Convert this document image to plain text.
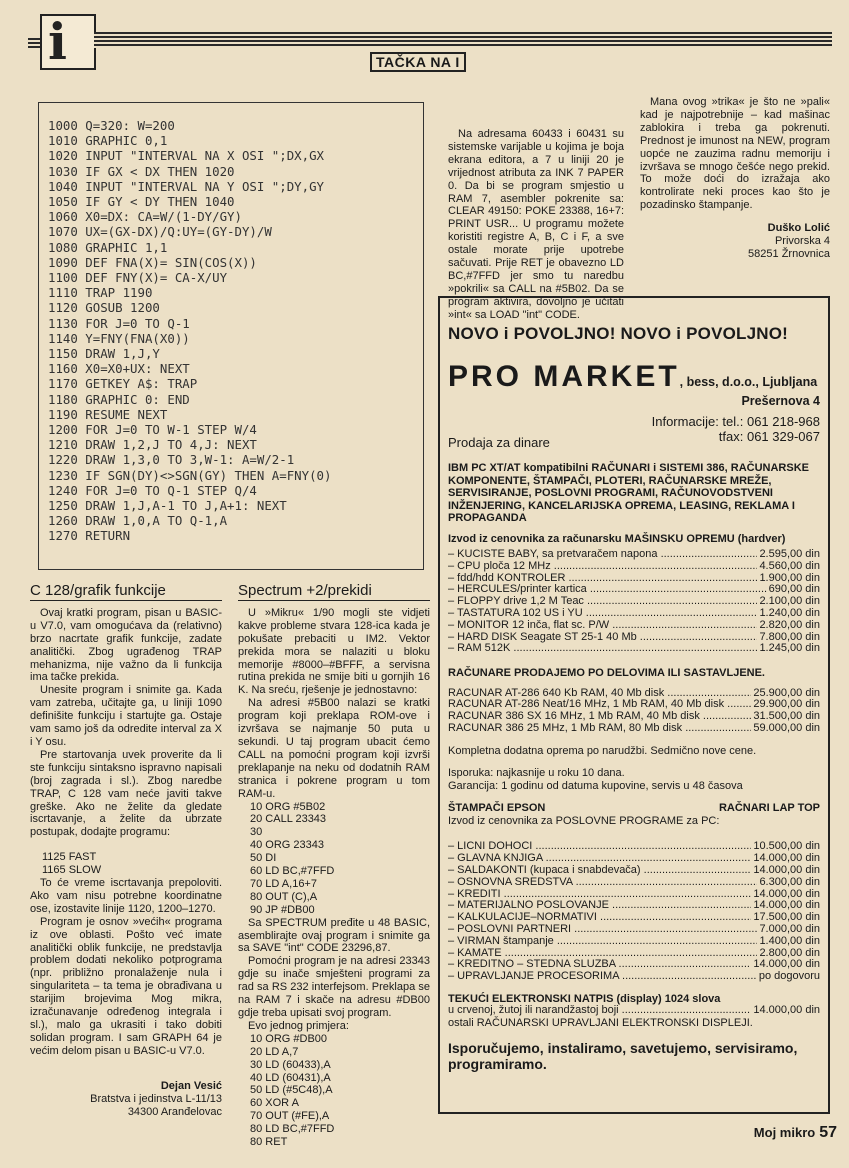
i	TAČKA NA I
1000 Q=320: W=200
1010 GRAPHIC 0,1
1020 INPUT "INTERVAL NA X OSI ";DX,GX
1030 IF GX < DX THEN 1020
1040 INPUT "INTERVAL NA Y OSI ";DY,GY
1050 IF GY < DY THEN 1040
1060 X0=DX: CA=W/(1-DY/GY)
1070 UX=(GX-DX)/Q:UY=(GY-DY)/W
1080 GRAPHIC 1,1
1090 DEF FNA(X)= SIN(COS(X))
1100 DEF FNY(X)= CA-X/UY
1110 TRAP 1190
1120 GOSUB 1200
1130 FOR J=0 TO Q-1
1140 Y=FNY(FNA(X0))
1150 DRAW 1,J,Y
1160 X0=X0+UX: NEXT
1170 GETKEY A$: TRAP
1180 GRAPHIC 0: END
1190 RESUME NEXT
1200 FOR J=0 TO W-1 STEP W/4
1210 DRAW 1,2,J TO 4,J: NEXT
1220 DRAW 1,3,0 TO 3,W-1: A=W/2-1
1230 IF SGN(DY)<>SGN(GY) THEN A=FNY(0)
1240 FOR J=0 TO Q-1 STEP Q/4
1250 DRAW 1,J,A-1 TO J,A+1: NEXT
1260 DRAW 1,0,A TO Q-1,A
1270 RETURN
C 128/grafik funkcije

Ovaj kratki program, pisan u BASIC-u V7.0, vam omogućava da (relativno) brzo nacrtate grafik funkcije, zadate analitički. Zbog ugrađenog TRAP mehanizma, nije važno da li funkcija ima tačke prekida.

Unesite program i snimite ga. Kada vam zatreba, učitajte ga, u liniji 1090 definišite funkciju i startujte ga. Ostaje vam samo još da odredite interval za X i Y osu.

Pre startovanja uvek proverite da li ste funkciju sintaksno ispravno napisali (broj zagrada i sl.). Zbog naredbe TRAP, C 128 vam neće javiti takve greške. Ako ne želite da gledate iscrtavanje, a želite da ubrzate postupak, dodajte programu:

1125 FAST

1165 SLOW

To će vreme iscrtavanja prepoloviti. Ako vam nisu potrebne koordinatne ose, izostavite linije 1120, 1200–1270.

Program je osnov »većih« programa iz ove oblasti. Pošto već imate analitički oblik funkcije, ne predstavlja problem dodati nekoliko potprograma (npr. približno pronalaženje nula i singulariteta – ta tema je obrađivana u starijim brojevima Mog mikra, izračunavanje određenog integrala i sl.), malo ga ukrasiti i tako dobiti solidan program. I sam GRAPH 64 je većim delom pisan u BASIC-u V7.0.

Dejan Vesić
Bratstva i jedinstva L-11/13
34300 Aranđelovac
Spectrum +2/prekidi

U »Mikru« 1/90 mogli ste vidjeti kakve probleme stvara 128-ica kada je pokušate prebaciti u IM2. Vektor prekida mora se nalaziti u bloku memorije #8000–#BFFF, a servisna rutina prekida ne smije biti u gornjih 16 K. Na sreću, rješenje je jednostavno:

Na adresi #5B00 nalazi se kratki program koji preklapa ROM-ove i izvršava se najmanje 50 puta u sekundi. U taj program ubacit ćemo CALL na pomoćni program koji izvrši preklapanje na neku od dodatnih RAM stranica i pokrene program u tom RAM-u.

10 ORG #5B02

20 CALL 23343

30

40 ORG 23343

50 DI

60 LD BC,#7FFD

70 LD A,16+7

80 OUT (C),A

90 JP #DB00

Sa SPECTRUM pređite u 48 BASIC, asemblirajte ovaj program i snimite ga sa SAVE "int" CODE 23296,87.

Pomoćni program je na adresi 23343 gdje su inače smješteni programi za rad sa RS 232 interfejsom. Preklapa se na RAM 7 i skače na adresu #DB00 gdje treba upisati svoj program.

Evo jednog primjera:

10 ORG #DB00

20 LD A,7

30 LD (60433),A

40 LD (60431),A

50 LD (#5C48),A

60 XOR A

70 OUT (#FE),A

80 LD BC,#7FFD

80 RET

Na adresama 60433 i 60431 su sistemske varijable u kojima je boja ekrana editora, a 7 u liniji 20 je vrijednost atributa za INK 7 PAPER 0. Da bi se program smjestio u RAM 7, asembler pokrenite sa: CLEAR 49150: POKE 23388, 16+7: PRINT USR... U programu možete koristiti registre A, B, C i F, a sve ostale morate prije upotrebe sačuvati. Prije RET je obavezno LD BC,#7FFD jer smo tu naredbu »pokrili« sa CALL na #5B02. Da se program aktivira, dovoljno je učitati »int« sa LOAD "int" CODE.

Mana ovog »trika« je što ne »pali« kad je najpotrebnije – kad mašinac zablokira i treba ga pokrenuti. Prednost je imunost na NEW, program uopće ne zauzima radnu memoriju i izvršava se mnogo češće nego prekid. To može doći do izražaja ako kontrolirate neki proces kao što je pozadinsko štampanje.

Duško Lolić
Privorska 4
58251 Žrnovnica
NOVO i POVOLJNO! NOVO i POVOLJNO!
PRO MARKET, bess, d.o.o., Ljubljana
Prešernova 4
Informacije: tel.: 061 218-968
Prodaja za dinare	tfax: 061 329-067
IBM PC XT/AT kompatibilni RAČUNARI i SISTEMI 386, RAČUNARSKE KOMPONENTE, ŠTAMPAČI, PLOTERI, RAČUNARSKE MREŽE, SERVISIRANJE, POSLOVNI PROGRAMI, RAČUNOVODSTVENI INŽENJERING, KANCELARIJSKA OPREMA, LEASING, REKLAMA I PROPAGANDA
Izvod iz cenovnika za računarsku MAŠINSKU OPREMU (hardver)
– KUĆIŠTE BABY, sa pretvaračem napona .....	2.595,00 din
– CPU ploča 12 MHz .....	4.560,00 din
– fdd/hdd KONTROLER .....	1.900,00 din
– HERCULES/printer kartica .....	690,00 din
– FLOPPY drive 1,2 M Teac .....	2.100,00 din
– TASTATURA 102 US i YU .....	1.240,00 din
– MONITOR 12 inča, flat sc. P/W .....	2.820,00 din
– HARD DISK Seagate ST 25-1 40 Mb .....	7.800,00 din
– RAM 512K .....	1.245,00 din
RAČUNARE PRODAJEMO PO DELOVIMA ILI SASTAVLJENE.
RAČUNAR AT-286 640 Kb RAM, 40 Mb disk .....	25.900,00 din
RAČUNAR AT-286 Neat/16 MHz, 1 Mb RAM, 40 Mb disk .....	29.900,00 din
RAČUNAR 386 SX 16 MHz, 1 Mb RAM, 40 Mb disk .....	31.500,00 din
RAČUNAR 386 25 MHz, 1 Mb RAM, 80 Mb disk .....	59.000,00 din
Kompletna dodatna oprema po narudžbi. Sedmično nove cene.
Isporuka: najkasnije u roku 10 dana.
Garancija: 1 godinu od datuma kupovine, servis u 48 časova
ŠTAMPAČI EPSON	RAČNARI LAP TOP
Izvod iz cenovnika za POSLOVNE PROGRAME za PC:
– LIČNI DOHOCI .....	10.500,00 din
– GLAVNA KNJIGA .....	14.000,00 din
– SALDAKONTI (kupaca i snabdevača) .....	14.000,00 din
– OSNOVNA SREDSTVA .....	6.300,00 din
– KREDITI .....	14.000,00 din
– MATERIJALNO POSLOVANJE .....	14.000,00 din
– KALKULACIJE–NORMATIVI .....	17.500,00 din
– POSLOVNI PARTNERI .....	7.000,00 din
– VIRMAN štampanje .....	1.400,00 din
– KAMATE .....	2.800,00 din
– KREDITNO – ŠTEDNA SLUŽBA .....	14.000,00 din
– UPRAVLJANJE PROCESORIMA .....	po dogovoru
TEKUĆI ELEKTRONSKI NATPIS (display) 1024 slova
u crvenoj, žutoj ili narandžastoj boji .....	14.000,00 din
ostali RAČUNARSKI UPRAVLJANI ELEKTRONSKI DISPLEJI.
Isporučujemo, instaliramo, savetujemo, servisiramo, programiramo.
Moj mikro 57
